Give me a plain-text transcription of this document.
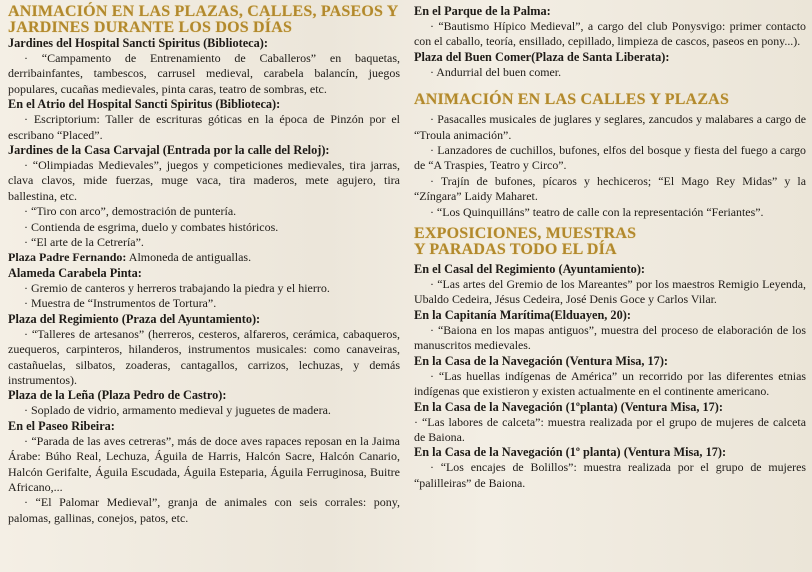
ANIMACIÓN EN LAS PLAZAS, CALLES, PASEOS Y
JARDINES DURANTE LOS DOS DÍAS
Jardines del Hospital Sancti Spiritus (Biblioteca):

· “Campamento de Entrenamiento de Caballeros” en baquetas, derribainfantes, tambescos, carrusel medieval, carabela balancín, juegos populares, cucañas medievales, pinta caras, teatro de sombras, etc.

En el Atrio del Hospital Sancti Spiritus (Biblioteca):

· Escriptorium: Taller de escrituras góticas en la época de Pinzón por el escribano “Placed”.

Jardines de la Casa Carvajal (Entrada por la calle del Reloj):

· “Olimpiadas Medievales”, juegos y competiciones medievales, tira jarras, clava clavos, mide fuerzas, muge vaca, tira maderos, mete agujero, tira ballestina, etc.

· “Tiro con arco”, demostración de puntería.

· Contienda de esgrima, duelo y combates históricos.

· “El arte de la Cetrería”.

Plaza Padre Fernando: Almoneda de antiguallas.

Alameda Carabela Pinta:

· Gremio de canteros y herreros trabajando la piedra y el hierro.

· Muestra de “Instrumentos de Tortura”.

Plaza del Regimiento (Praza del Ayuntamiento):

· “Talleres de artesanos” (herreros, cesteros, alfareros, cerámica, cabaqueros, zuequeros, carpinteros, hilanderos, instrumentos musicales: como canaveiras, castañuelas, silbatos, zoaderas, cantagallos, carrizos, lechuzas, y demás instrumentos).

Plaza de la Leña (Plaza Pedro de Castro):

· Soplado de vidrio, armamento medieval y juguetes de madera.

En el Paseo Ribeira:

· “Parada de las aves cetreras”, más de doce aves rapaces reposan en la Jaima Árabe: Búho Real, Lechuza, Águila de Harris, Halcón Sacre, Halcón Canario, Halcón Gerifalte, Águila Escudada, Águila Esteparia, Águila Ferruginosa, Buitre Africano,...

· “El Palomar Medieval”, granja de animales con seis corrales: pony, palomas, gallinas, conejos, patos, etc.

En el Parque de la Palma:

· “Bautismo Hípico Medieval”, a cargo del club Ponysvigo: primer contacto con el caballo, teoría, ensillado, cepillado, limpieza de cascos, paseos en pony...).

Plaza del Buen Comer(Plaza de Santa Liberata):

· Andurrial del buen comer.

ANIMACIÓN EN LAS CALLES Y PLAZAS

· Pasacalles musicales de juglares y seglares, zancudos y malabares a cargo de “Troula animación”.

· Lanzadores de cuchillos, bufones, elfos del bosque y fiesta del fuego a cargo de “A Traspies, Teatro y Circo”.

· Trajín de bufones, pícaros y hechiceros; “El Mago Rey Midas” y la “Zíngara” Laidy Maharet.

· “Los Quinquilláns” teatro de calle con la representación “Feriantes”.

EXPOSICIONES, MUESTRAS
Y PARADAS TODO EL DÍA
En el Casal del Regimiento (Ayuntamiento):

· “Las artes del Gremio de los Mareantes” por los maestros Remigio Leyenda, Ubaldo Cedeira, Jésus Cedeira, José Denis Goce y Carlos Vilar.

En la Capitanía Marítima(Elduayen, 20):

· “Baiona en los mapas antiguos”, muestra del proceso de elaboración de los manuscritos medievales.

En la Casa de la Navegación (Ventura Misa, 17):

· “Las huellas indígenas de América” un recorrido por las diferentes etnias indígenas que existieron y existen actualmente en el continente americano.

En la Casa de la Navegación (1ºplanta) (Ventura Misa, 17):

· “Las labores de calceta”: muestra realizada por el grupo de mujeres de calceta de Baiona.

En la Casa de la Navegación (1º planta) (Ventura Misa, 17):

· “Los encajes de Bolillos”: muestra realizada por el grupo de mujeres “palilleiras” de Baiona.
